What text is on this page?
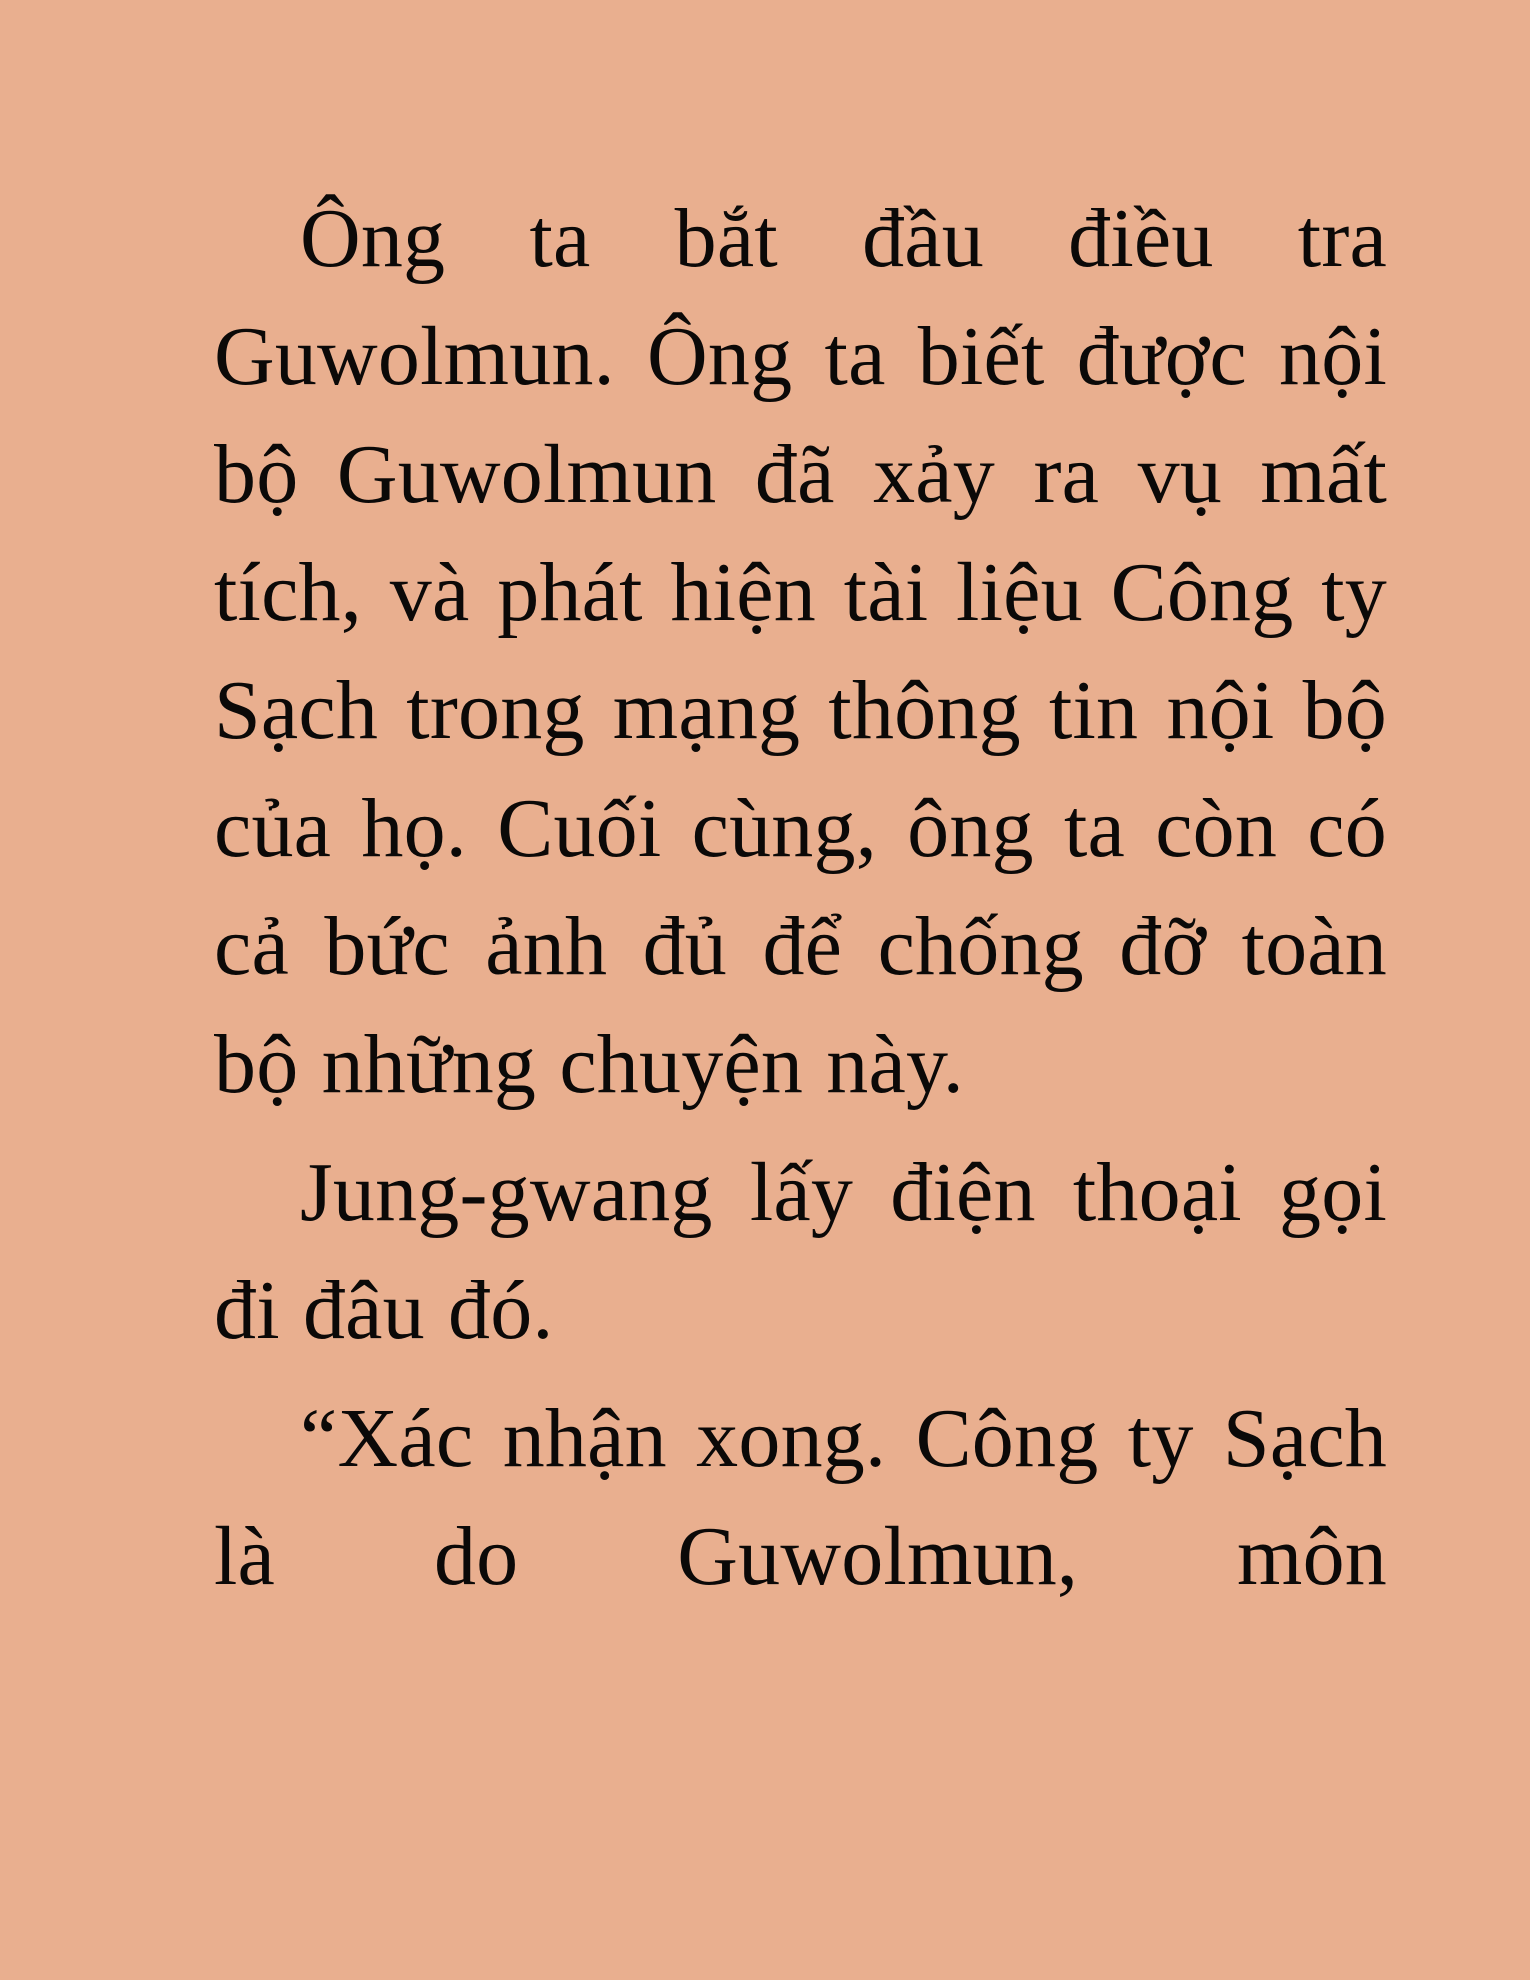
Ông ta bắt đầu điều tra Guwolmun. Ông ta biết được nội bộ Guwolmun đã xảy ra vụ mất tích, và phát hiện tài liệu Công ty Sạch trong mạng thông tin nội bộ của họ. Cuối cùng, ông ta còn có cả bức ảnh đủ để chống đỡ toàn bộ những chuyện này.

Jung-gwang lấy điện thoại gọi đi đâu đó.

“Xác nhận xong. Công ty Sạch là do Guwolmun, môn
